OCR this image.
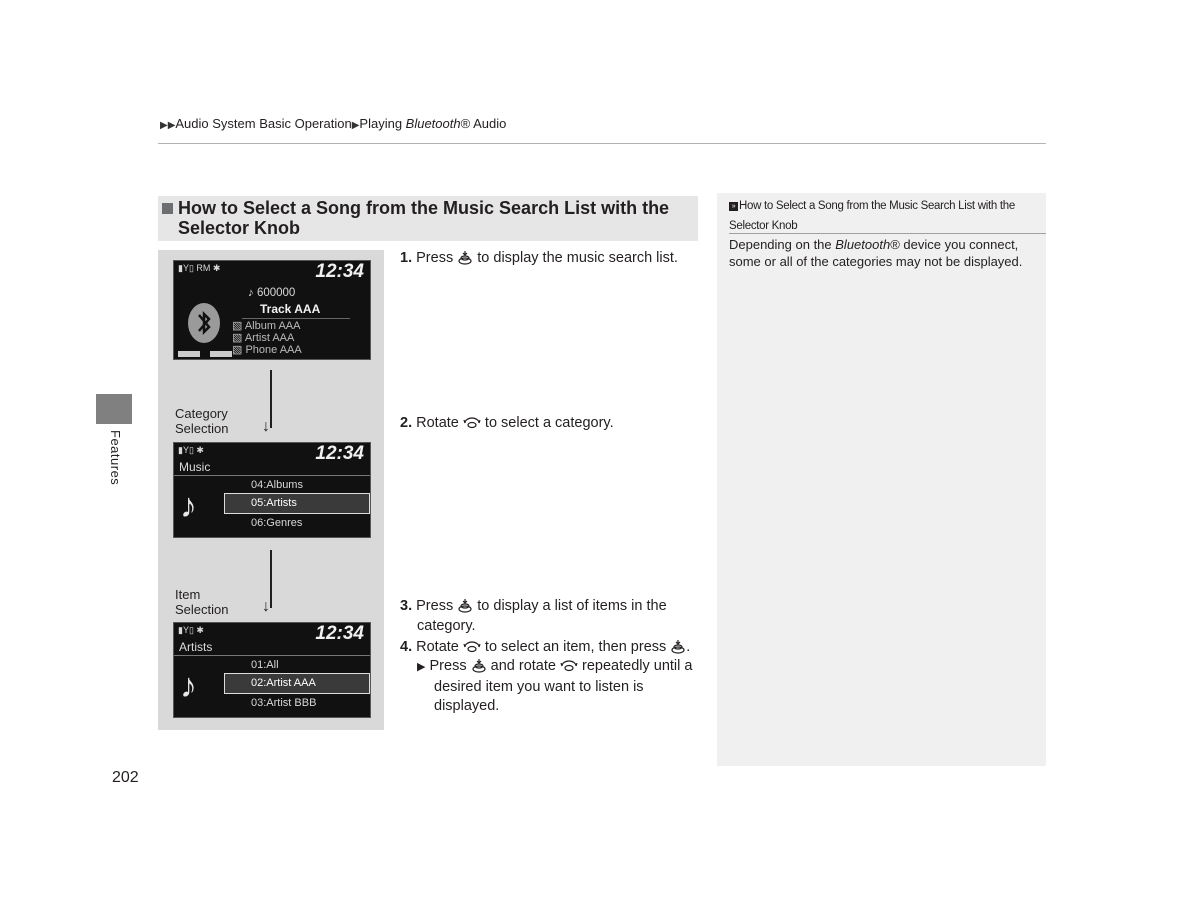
▶▶Audio System Basic Operation▶Playing Bluetooth® Audio
Features
202
How to Select a Song from the Music Search List with the Selector Knob
▮Y▯ RM ✱	12:34
♪ 600000
Track AAA
▧ Album AAA
▧ Artist AAA
▧ Phone AAA
↓
Category
Selection
▮Y▯ ✱	12:34
Music
♪
04:Albums
05:Artists
06:Genres
↓
Item
Selection
▮Y▯ ✱	12:34
Artists
♪
01:All
02:Artist AAA
03:Artist BBB
1. Press to display the music search list.
2. Rotate to select a category.
3. Press to display a list of items in the
category.
4. Rotate to select an item, then press .
▶ Press and rotate repeatedly until a
desired item you want to listen is
displayed.
» How to Select a Song from the Music Search List with the Selector Knob
Depending on the Bluetooth® device you connect, some or all of the categories may not be displayed.
